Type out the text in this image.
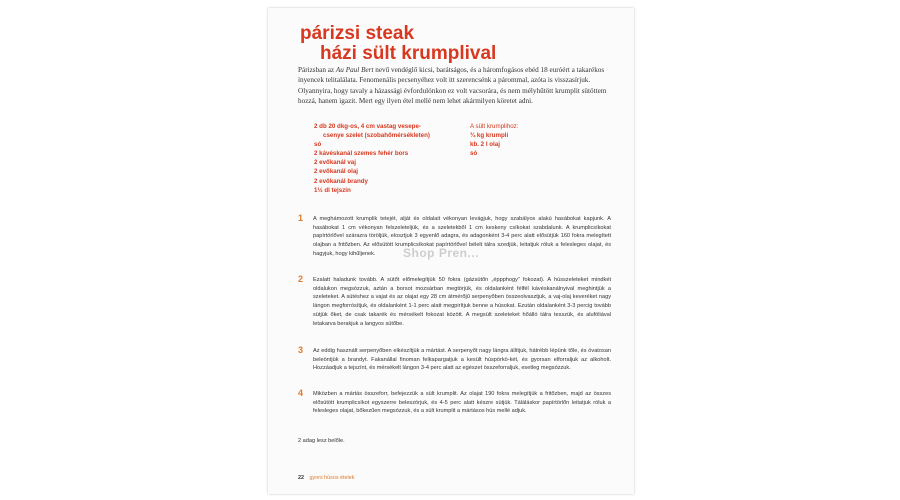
párizsi steak
házi sült krumplival
Párizsban az Au Paul Bert nevű vendéglő kicsi, barátságos, és a háromfogásos ebéd 18 euróért a takarékos ínyencek telitalálata. Fenomenális pecsenyéhez volt itt szerencsénk a párommal, azóta is visszasírjuk. Olyannyira, hogy tavaly a házassági évfordulónkon ez volt vacsorára, és nem mélyhűtött krumplit sütöttem hozzá, hanem igazit. Mert egy ilyen étel mellé nem lehet akármilyen köretet adni.
2 db 20 dkg-os, 4 cm vastag vesepe-
csenye szelet (szobahőmérsékleten)
só
2 kávéskanál szemes fehér bors
2 evőkanál vaj
2 evőkanál olaj
2 evőkanál brandy
1½ dl tejszín
A sült krumplihoz:
¾ kg krumpli
kb. 2 l olaj
só
1 A meghámozott krumplik tetejét, alját és oldalait vékonyan levágjuk, hogy szabályos alakú hasábokat kapjunk. A hasábokat 1 cm vékonyan felszeleteljük, és a szeletekből 1 cm keskeny csíkokat szabdalunk. A krumplicsíkokat papírtörlővel szárazra töröljük, elosztjuk 3 egyenlő adagra, és adagonként 3-4 perc alatt elősütjük 160 fokra melegített olajban a fritőzben. Az elősütött krumplicsíkokat papírtörlővel bélelt tálra szedjük, leitatjuk róluk a felesleges olajat, és hagyjuk, hogy kihűljenek.
2 Ezalatt haladunk tovább. A sütőt előmelegítjük 50 fokra (gázsütőn „éppphogy” fokozat). A hússzeleteket mindkét oldalukon megsózzuk, aztán a borsot mozsárban megtörjük, és oldalanként félfél kávéskanálnyival meghintjük a szeleteket. A sütéshez a vajat és az olajat egy 28 cm átmérőjű serpenyőben összeolvasztjuk, a vaj-olaj keveréket nagy lángon megforrósítjuk, és oldalanként 1-1 perc alatt megpirítjuk benne a húsokat. Ezután oldalanként 3-3 percig tovább sütjük őket, de csak takarék és mérsékelt fokozat között. A megsült szeleteket hőálló tálra tesszük, és alufóliával letakarva berakjuk a langyos sütőbe.
3 Az eddig használt serpenyőben elkészítjük a mártást. A serpenyőt nagy lángra állítjuk, hátrébb lépünk tőle, és óvatosan beleöntjük a brandyt. Fakanállal finoman felkapargatjuk a kesült húspörkö-két, és gyorsan elforraljuk az alkoholt. Hozzáadjuk a tejszínt, és mérsékelt lángon 3-4 perc alatt az egészet összeforraljuk, esetleg megsózzuk.
4 Miközben a mártás összeforr, befejezzük a sült krumplit. Az olajat 190 fokra melegítjük a fritőzben, majd az összes elősütött krumplicsíkot egyszerre beleszórjuk, és 4-5 perc alatt készre sütjük. Táláláskor papírtörlőn leitatjuk róluk a felesleges olajat, bőkezűen megsózzuk, és a sült krumplit a mártásos hús mellé adjuk.
2 adag lesz belőle.
22 gyors húsos ételek
Shop Pren...
